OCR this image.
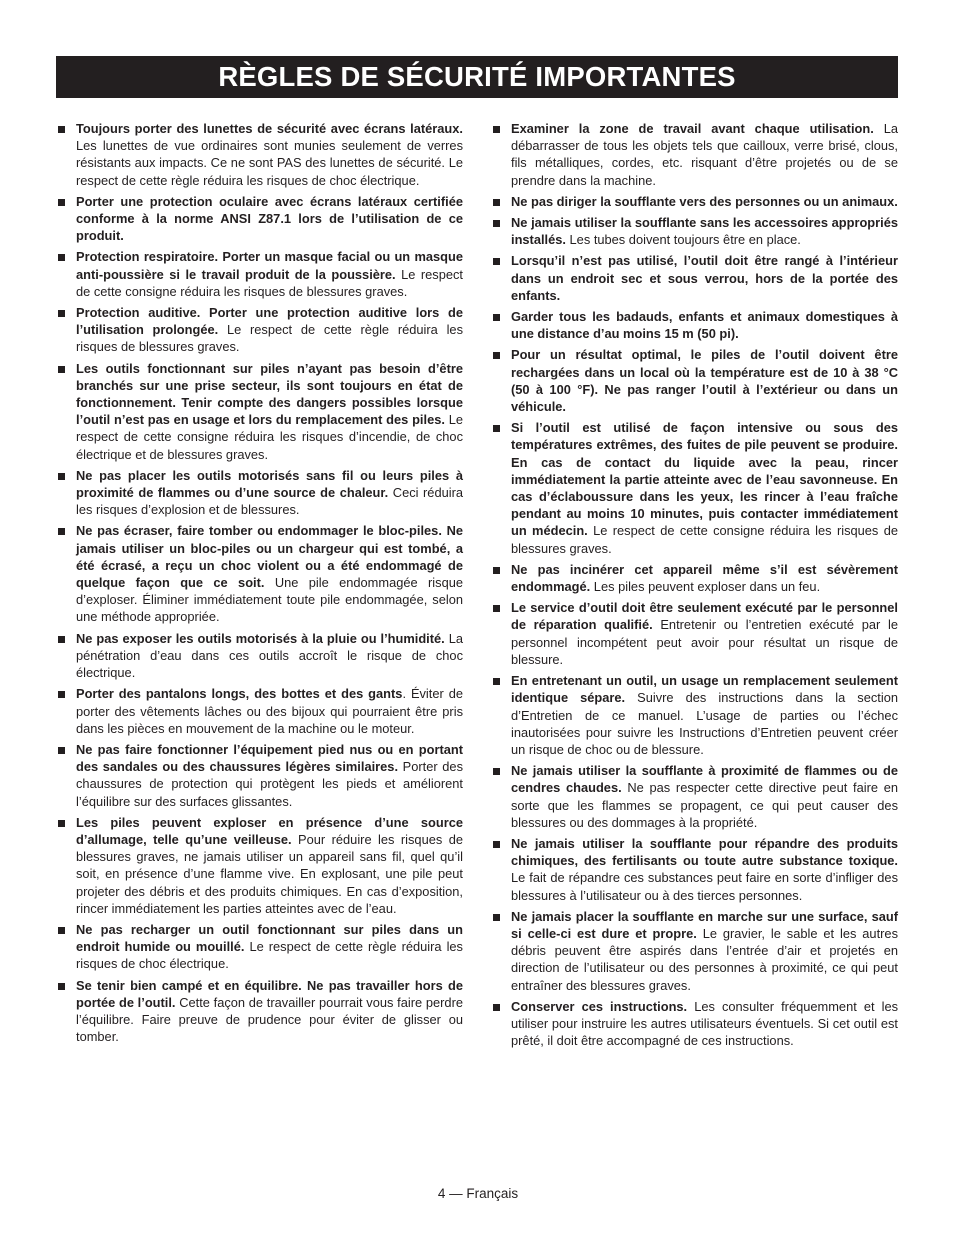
RÈGLES DE SÉCURITÉ IMPORTANTES
Toujours porter des lunettes de sécurité avec écrans latéraux. Les lunettes de vue ordinaires sont munies seulement de verres résistants aux impacts. Ce ne sont PAS des lunettes de sécurité. Le respect de cette règle réduira les risques de choc électrique.
Porter une protection oculaire avec écrans latéraux certifiée conforme à la norme ANSI Z87.1 lors de l’utilisation de ce produit.
Protection respiratoire. Porter un masque facial ou un masque anti-poussière si le travail produit de la poussière. Le respect de cette consigne réduira les risques de blessures graves.
Protection auditive. Porter une protection auditive lors de l’utilisation prolongée. Le respect de cette règle réduira les risques de blessures graves.
Les outils fonctionnant sur piles n’ayant pas besoin d’être branchés sur une prise secteur, ils sont toujours en état de fonctionnement. Tenir compte des dangers possibles lorsque l’outil n’est pas en usage et lors du remplacement des piles. Le respect de cette consigne réduira les risques d’incendie, de choc électrique et de blessures graves.
Ne pas placer les outils motorisés sans fil ou leurs piles à proximité de flammes ou d’une source de chaleur. Ceci réduira les risques d’explosion et de blessures.
Ne pas écraser, faire tomber ou endommager le bloc-piles. Ne jamais utiliser un bloc-piles ou un chargeur qui est tombé, a été écrasé, a reçu un choc violent ou a été endommagé de quelque façon que ce soit. Une pile endommagée risque d’exploser. Éliminer immédiatement toute pile endommagée, selon une méthode appropriée.
Ne pas exposer les outils motorisés à la pluie ou l’humidité. La pénétration d’eau dans ces outils accroît le risque de choc électrique.
Porter des pantalons longs, des bottes et des gants. Éviter de porter des vêtements lâches ou des bijoux qui pourraient être pris dans les pièces en mouvement de la machine ou le moteur.
Ne pas faire fonctionner l’équipement pied nus ou en portant des sandales ou des chaussures légères similaires. Porter des chaussures de protection qui protègent les pieds et améliorent l’équilibre sur des surfaces glissantes.
Les piles peuvent exploser en présence d’une source d’allumage, telle qu’une veilleuse. Pour réduire les risques de blessures graves, ne jamais utiliser un appareil sans fil, quel qu’il soit, en présence d’une flamme vive. En explosant, une pile peut projeter des débris et des produits chimiques. En cas d’exposition, rincer immédiatement les parties atteintes avec de l’eau.
Ne pas recharger un outil fonctionnant sur piles dans un endroit humide ou mouillé. Le respect de cette règle réduira les risques de choc électrique.
Se tenir bien campé et en équilibre. Ne pas travailler hors de portée de l’outil. Cette façon de travailler pourrait vous faire perdre l’équilibre. Faire preuve de prudence pour éviter de glisser ou tomber.
Examiner la zone de travail avant chaque utilisation. La débarrasser de tous les objets tels que cailloux, verre brisé, clous, fils métalliques, cordes, etc. risquant d’être projetés ou de se prendre dans la machine.
Ne pas diriger la soufflante vers des personnes ou un animaux.
Ne jamais utiliser la soufflante sans les accessoires appropriés installés. Les tubes doivent toujours être en place.
Lorsqu’il n’est pas utilisé, l’outil doit être rangé à l’intérieur dans un endroit sec et sous verrou, hors de la portée des enfants.
Garder tous les badauds, enfants et animaux domestiques à une distance d’au moins 15 m (50 pi).
Pour un résultat optimal, le piles de l’outil doivent être rechargées dans un local où la température est de 10 à 38 °C (50 à 100 °F). Ne pas ranger l’outil à l’extérieur ou dans un véhicule.
Si l’outil est utilisé de façon intensive ou sous des températures extrêmes, des fuites de pile peuvent se produire. En cas de contact du liquide avec la peau, rincer immédiatement la partie atteinte avec de l’eau savonneuse. En cas d’éclaboussure dans les yeux, les rincer à l’eau fraîche pendant au moins 10 minutes, puis contacter immédiatement un médecin. Le respect de cette consigne réduira les risques de blessures graves.
Ne pas incinérer cet appareil même s’il est sévèrement endommagé. Les piles peuvent exploser dans un feu.
Le service d’outil doit être seulement exécuté par le personnel de réparation qualifié. Entretenir ou l’entretien exécuté par le personnel incompétent peut avoir pour résultat un risque de blessure.
En entretenant un outil, un usage un remplacement seulement identique sépare. Suivre des instructions dans la section d’Entretien de ce manuel. L’usage de parties ou l’échec inautorisées pour suivre les Instructions d’Entretien peuvent créer un risque de choc ou de blessure.
Ne jamais utiliser la soufflante à proximité de flammes ou de cendres chaudes. Ne pas respecter cette directive peut faire en sorte que les flammes se propagent, ce qui peut causer des blessures ou des dommages à la propriété.
Ne jamais utiliser la soufflante pour répandre des produits chimiques, des fertilisants ou toute autre substance toxique. Le fait de répandre ces substances peut faire en sorte d’infliger des blessures à l’utilisateur ou à des tierces personnes.
Ne jamais placer la soufflante en marche sur une surface, sauf si celle-ci est dure et propre. Le gravier, le sable et les autres débris peuvent être aspirés dans l’entrée d’air et projetés en direction de l’utilisateur ou des personnes à proximité, ce qui peut entraîner des blessures graves.
Conserver ces instructions. Les consulter fréquemment et les utiliser pour instruire les autres utilisateurs éventuels. Si cet outil est prêté, il doit être accompagné de ces instructions.
4 — Français
